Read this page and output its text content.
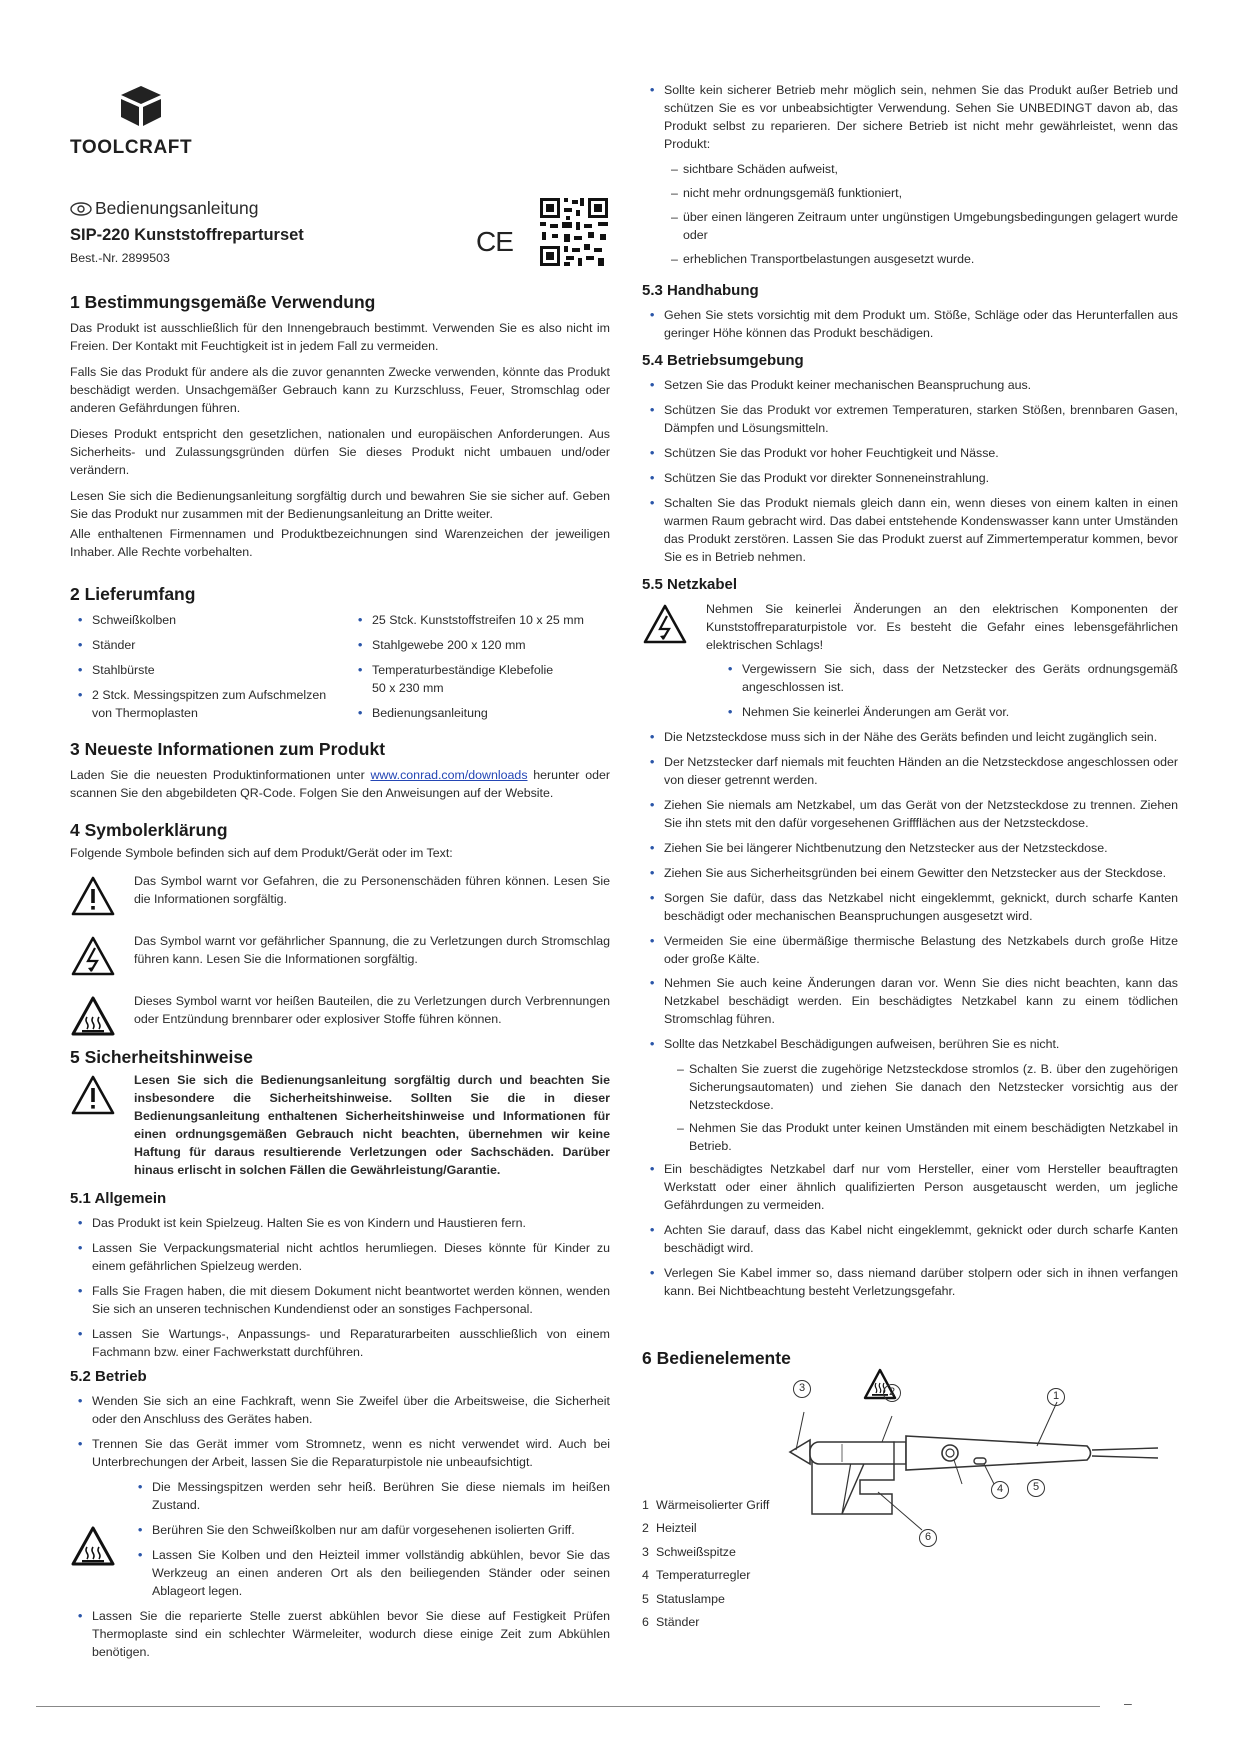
TOOLCRAFT
Bedienungsanleitung
SIP-220 Kunststoffreparturset
Best.-Nr. 2899503
CE
1 Bestimmungsgemäße Verwendung

Das Produkt ist ausschließlich für den Innengebrauch bestimmt. Verwenden Sie es also nicht im Freien. Der Kontakt mit Feuchtigkeit ist in jedem Fall zu vermeiden.

Falls Sie das Produkt für andere als die zuvor genannten Zwecke verwenden, könnte das Produkt beschädigt werden. Unsachgemäßer Gebrauch kann zu Kurzschluss, Feuer, Stromschlag oder anderen Gefährdungen führen.

Dieses Produkt entspricht den gesetzlichen, nationalen und europäischen Anforderungen. Aus Sicherheits- und Zulassungsgründen dürfen Sie dieses Produkt nicht umbauen und/oder verändern.

Lesen Sie sich die Bedienungsanleitung sorgfältig durch und bewahren Sie sie sicher auf. Geben Sie das Produkt nur zusammen mit der Bedienungsanleitung an Dritte weiter.

Alle enthaltenen Firmennamen und Produktbezeichnungen sind Warenzeichen der jeweiligen Inhaber. Alle Rechte vorbehalten.

2 Lieferumfang
• Schweißkolben
• Ständer
• Stahlbürste
• 2 Stck. Messingspitzen zum Aufschmelzen von Thermoplasten
• 25 Stck. Kunststoffstreifen 10 x 25 mm
• Stahlgewebe 200 x 120 mm
• Temperaturbeständige Klebefolie 50 x 230 mm
• Bedienungsanleitung
3 Neueste Informationen zum Produkt

Laden Sie die neuesten Produktinformationen unter www.conrad.com/downloads herunter oder scannen Sie den abgebildeten QR-Code. Folgen Sie den Anweisungen auf der Website.

4 Symbolerklärung

Folgende Symbole befinden sich auf dem Produkt/Gerät oder im Text:

Das Symbol warnt vor Gefahren, die zu Personenschäden führen können. Lesen Sie die Informationen sorgfältig.

Das Symbol warnt vor gefährlicher Spannung, die zu Verletzungen durch Stromschlag führen kann. Lesen Sie die Informationen sorgfältig.

Dieses Symbol warnt vor heißen Bauteilen, die zu Verletzungen durch Verbrennungen oder Entzündung brennbarer oder explosiver Stoffe führen können.

5 Sicherheitshinweise

Lesen Sie sich die Bedienungsanleitung sorgfältig durch und beachten Sie insbesondere die Sicherheitshinweise. Sollten Sie die in dieser Bedienungsanleitung enthaltenen Sicherheitshinweise und Informationen für einen ordnungsgemäßen Gebrauch nicht beachten, übernehmen wir keine Haftung für daraus resultierende Verletzungen oder Sachschäden. Darüber hinaus erlischt in solchen Fällen die Gewährleistung/Garantie.

5.1 Allgemein
• Das Produkt ist kein Spielzeug. Halten Sie es von Kindern und Haustieren fern.
• Lassen Sie Verpackungsmaterial nicht achtlos herumliegen. Dieses könnte für Kinder zu einem gefährlichen Spielzeug werden.
• Falls Sie Fragen haben, die mit diesem Dokument nicht beantwortet werden können, wenden Sie sich an unseren technischen Kundendienst oder an sonstiges Fachpersonal.
• Lassen Sie Wartungs-, Anpassungs- und Reparaturarbeiten ausschließlich von einem Fachmann bzw. einer Fachwerkstatt durchführen.
5.2 Betrieb
• Wenden Sie sich an eine Fachkraft, wenn Sie Zweifel über die Arbeitsweise, die Sicherheit oder den Anschluss des Gerätes haben.
• Trennen Sie das Gerät immer vom Stromnetz, wenn es nicht verwendet wird. Auch bei Unterbrechungen der Arbeit, lassen Sie die Reparaturpistole nie unbeaufsichtigt.
• Die Messingspitzen werden sehr heiß. Berühren Sie diese niemals im heißen Zustand.
• Berühren Sie den Schweißkolben nur am dafür vorgesehenen isolierten Griff.
• Lassen Sie Kolben und den Heizteil immer vollständig abkühlen, bevor Sie das Werkzeug an einen anderen Ort als den beiliegenden Ständer oder seinen Ablageort legen.
• Lassen Sie die reparierte Stelle zuerst abkühlen bevor Sie diese auf Festigkeit Prüfen Thermoplaste sind ein schlechter Wärmeleiter, wodurch diese einige Zeit zum Abkühlen benötigen.
• Sollte kein sicherer Betrieb mehr möglich sein, nehmen Sie das Produkt außer Betrieb und schützen Sie es vor unbeabsichtigter Verwendung. Sehen Sie UNBEDINGT davon ab, das Produkt selbst zu reparieren. Der sichere Betrieb ist nicht mehr gewährleistet, wenn das Produkt:
– sichtbare Schäden aufweist,
– nicht mehr ordnungsgemäß funktioniert,
– über einen längeren Zeitraum unter ungünstigen Umgebungsbedingungen gelagert wurde oder
– erheblichen Transportbelastungen ausgesetzt wurde.
5.3 Handhabung
• Gehen Sie stets vorsichtig mit dem Produkt um. Stöße, Schläge oder das Herunterfallen aus geringer Höhe können das Produkt beschädigen.
5.4 Betriebsumgebung
• Setzen Sie das Produkt keiner mechanischen Beanspruchung aus.
• Schützen Sie das Produkt vor extremen Temperaturen, starken Stößen, brennbaren Gasen, Dämpfen und Lösungsmitteln.
• Schützen Sie das Produkt vor hoher Feuchtigkeit und Nässe.
• Schützen Sie das Produkt vor direkter Sonneneinstrahlung.
• Schalten Sie das Produkt niemals gleich dann ein, wenn dieses von einem kalten in einen warmen Raum gebracht wird. Das dabei entstehende Kondenswasser kann unter Umständen das Produkt zerstören. Lassen Sie das Produkt zuerst auf Zimmertemperatur kommen, bevor Sie es in Betrieb nehmen.
5.5 Netzkabel

Nehmen Sie keinerlei Änderungen an den elektrischen Komponenten der Kunststoffreparaturpistole vor. Es besteht die Gefahr eines lebensgefährlichen elektrischen Schlags!

• Vergewissern Sie sich, dass der Netzstecker des Geräts ordnungsgemäß angeschlossen ist.
• Nehmen Sie keinerlei Änderungen am Gerät vor.
• Die Netzsteckdose muss sich in der Nähe des Geräts befinden und leicht zugänglich sein.
• Der Netzstecker darf niemals mit feuchten Händen an die Netzsteckdose angeschlossen oder von dieser getrennt werden.
• Ziehen Sie niemals am Netzkabel, um das Gerät von der Netzsteckdose zu trennen. Ziehen Sie ihn stets mit den dafür vorgesehenen Griffflächen aus der Netzsteckdose.
• Ziehen Sie bei längerer Nichtbenutzung den Netzstecker aus der Netzsteckdose.
• Ziehen Sie aus Sicherheitsgründen bei einem Gewitter den Netzstecker aus der Steckdose.
• Sorgen Sie dafür, dass das Netzkabel nicht eingeklemmt, geknickt, durch scharfe Kanten beschädigt oder mechanischen Beanspruchungen ausgesetzt wird.
• Vermeiden Sie eine übermäßige thermische Belastung des Netzkabels durch große Hitze oder große Kälte.
• Nehmen Sie auch keine Änderungen daran vor. Wenn Sie dies nicht beachten, kann das Netzkabel beschädigt werden. Ein beschädigtes Netzkabel kann zu einem tödlichen Stromschlag führen.
• Sollte das Netzkabel Beschädigungen aufweisen, berühren Sie es nicht.
– Schalten Sie zuerst die zugehörige Netzsteckdose stromlos (z. B. über den zugehörigen Sicherungsautomaten) und ziehen Sie danach den Netzstecker vorsichtig aus der Netzsteckdose.
– Nehmen Sie das Produkt unter keinen Umständen mit einem beschädigten Netzkabel in Betrieb.
• Ein beschädigtes Netzkabel darf nur vom Hersteller, einer vom Hersteller beauftragten Werkstatt oder einer ähnlich qualifizierten Person ausgetauscht werden, um jegliche Gefährdungen zu vermeiden.
• Achten Sie darauf, dass das Kabel nicht eingeklemmt, geknickt oder durch scharfe Kanten beschädigt wird.
• Verlegen Sie Kabel immer so, dass niemand darüber stolpern oder sich in ihnen verfangen kann. Bei Nichtbeachtung besteht Verletzungsgefahr.
6 Bedienelemente
3	2	1
4	5
6
1 Wärmeisolierter Griff
2 Heizteil
3 Schweißspitze
4 Temperaturregler
5 Statuslampe
6 Ständer
–
